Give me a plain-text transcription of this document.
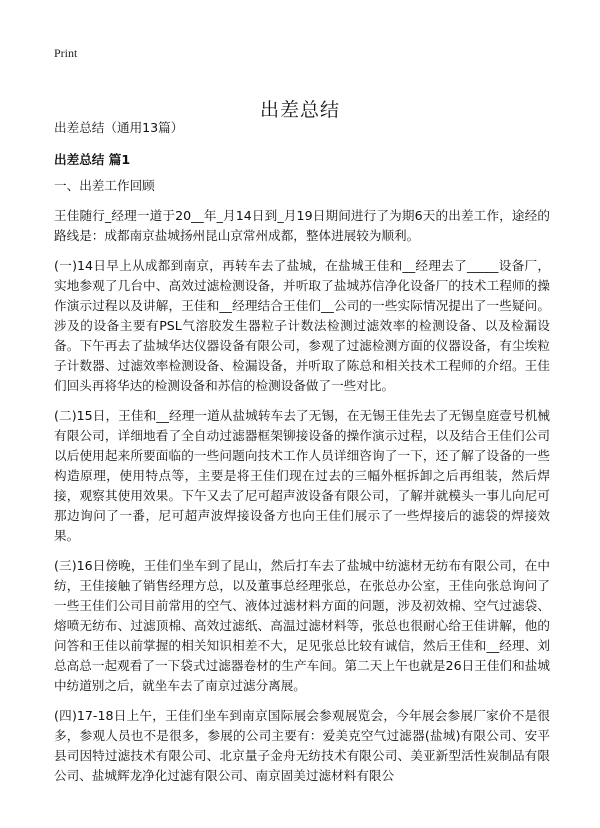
Print
出差总结

出差总结（通用13篇）

出差总结 篇1

一、出差工作回顾

王佳随行_经理一道于20__年_月14日到_月19日期间进行了为期6天的出差工作，途经的路线是：成都南京盐城扬州昆山京常州成都，整体进展较为顺利。

(一)14日早上从成都到南京，再转车去了盐城，在盐城王佳和__经理去了_____设备厂，实地参观了几台中、高效过滤检测设备，并听取了盐城苏信净化设备厂的技术工程师的操作演示过程以及讲解，王佳和__经理结合王佳们__公司的一些实际情况提出了一些疑问。涉及的设备主要有PSL气溶胶发生器粒子计数法检测过滤效率的检测设备、以及检漏设备。下午再去了盐城华达仪器设备有限公司，参观了过滤检测方面的仪器设备，有尘埃粒子计数器、过滤效率检测设备、检漏设备，并听取了陈总和相关技术工程师的介绍。王佳们回头再将华达的检测设备和苏信的检测设备做了一些对比。

(二)15日，王佳和__经理一道从盐城转车去了无锡，在无锡王佳先去了无锡皇庭壹号机械有限公司，详细地看了全自动过滤器框架铆接设备的操作演示过程，以及结合王佳们公司以后使用起来所要面临的一些问题向技术工作人员详细咨询了一下，还了解了设备的一些构造原理，使用特点等，主要是将王佳们现在过去的三幅外框拆卸之后再组装，然后焊接，观察其使用效果。下午又去了尼可超声波设备有限公司，了解并就模头一事儿向尼可那边询问了一番，尼可超声波焊接设备方也向王佳们展示了一些焊接后的滤袋的焊接效果。

(三)16日傍晚，王佳们坐车到了昆山，然后打车去了盐城中纺滤材无纺布有限公司，在中纺，王佳接触了销售经理方总，以及董事总经理张总，在张总办公室，王佳向张总询问了一些王佳们公司目前常用的空气、液体过滤材料方面的问题，涉及初效棉、空气过滤袋、熔喷无纺布、过滤顶棉、高效过滤纸、高温过滤材料等，张总也很耐心给王佳讲解，他的问答和王佳以前掌握的相关知识相差不大，足见张总比较有诚信，然后王佳和__经理、刘总高总一起观看了一下袋式过滤器卷材的生产车间。第二天上午也就是26日王佳们和盐城中纺道别之后，就坐车去了南京过滤分离展。

(四)17-18日上午，王佳们坐车到南京国际展会参观展览会，今年展会参展厂家价不是很多，参观人员也不是很多，参展的公司主要有：爱美克空气过滤器(盐城)有限公司、安平县司因特过滤技术有限公司、北京量子金舟无纺技术有限公司、美亚新型活性炭制品有限公司、盐城辉龙净化过滤有限公司、南京固美过滤材料有限公
